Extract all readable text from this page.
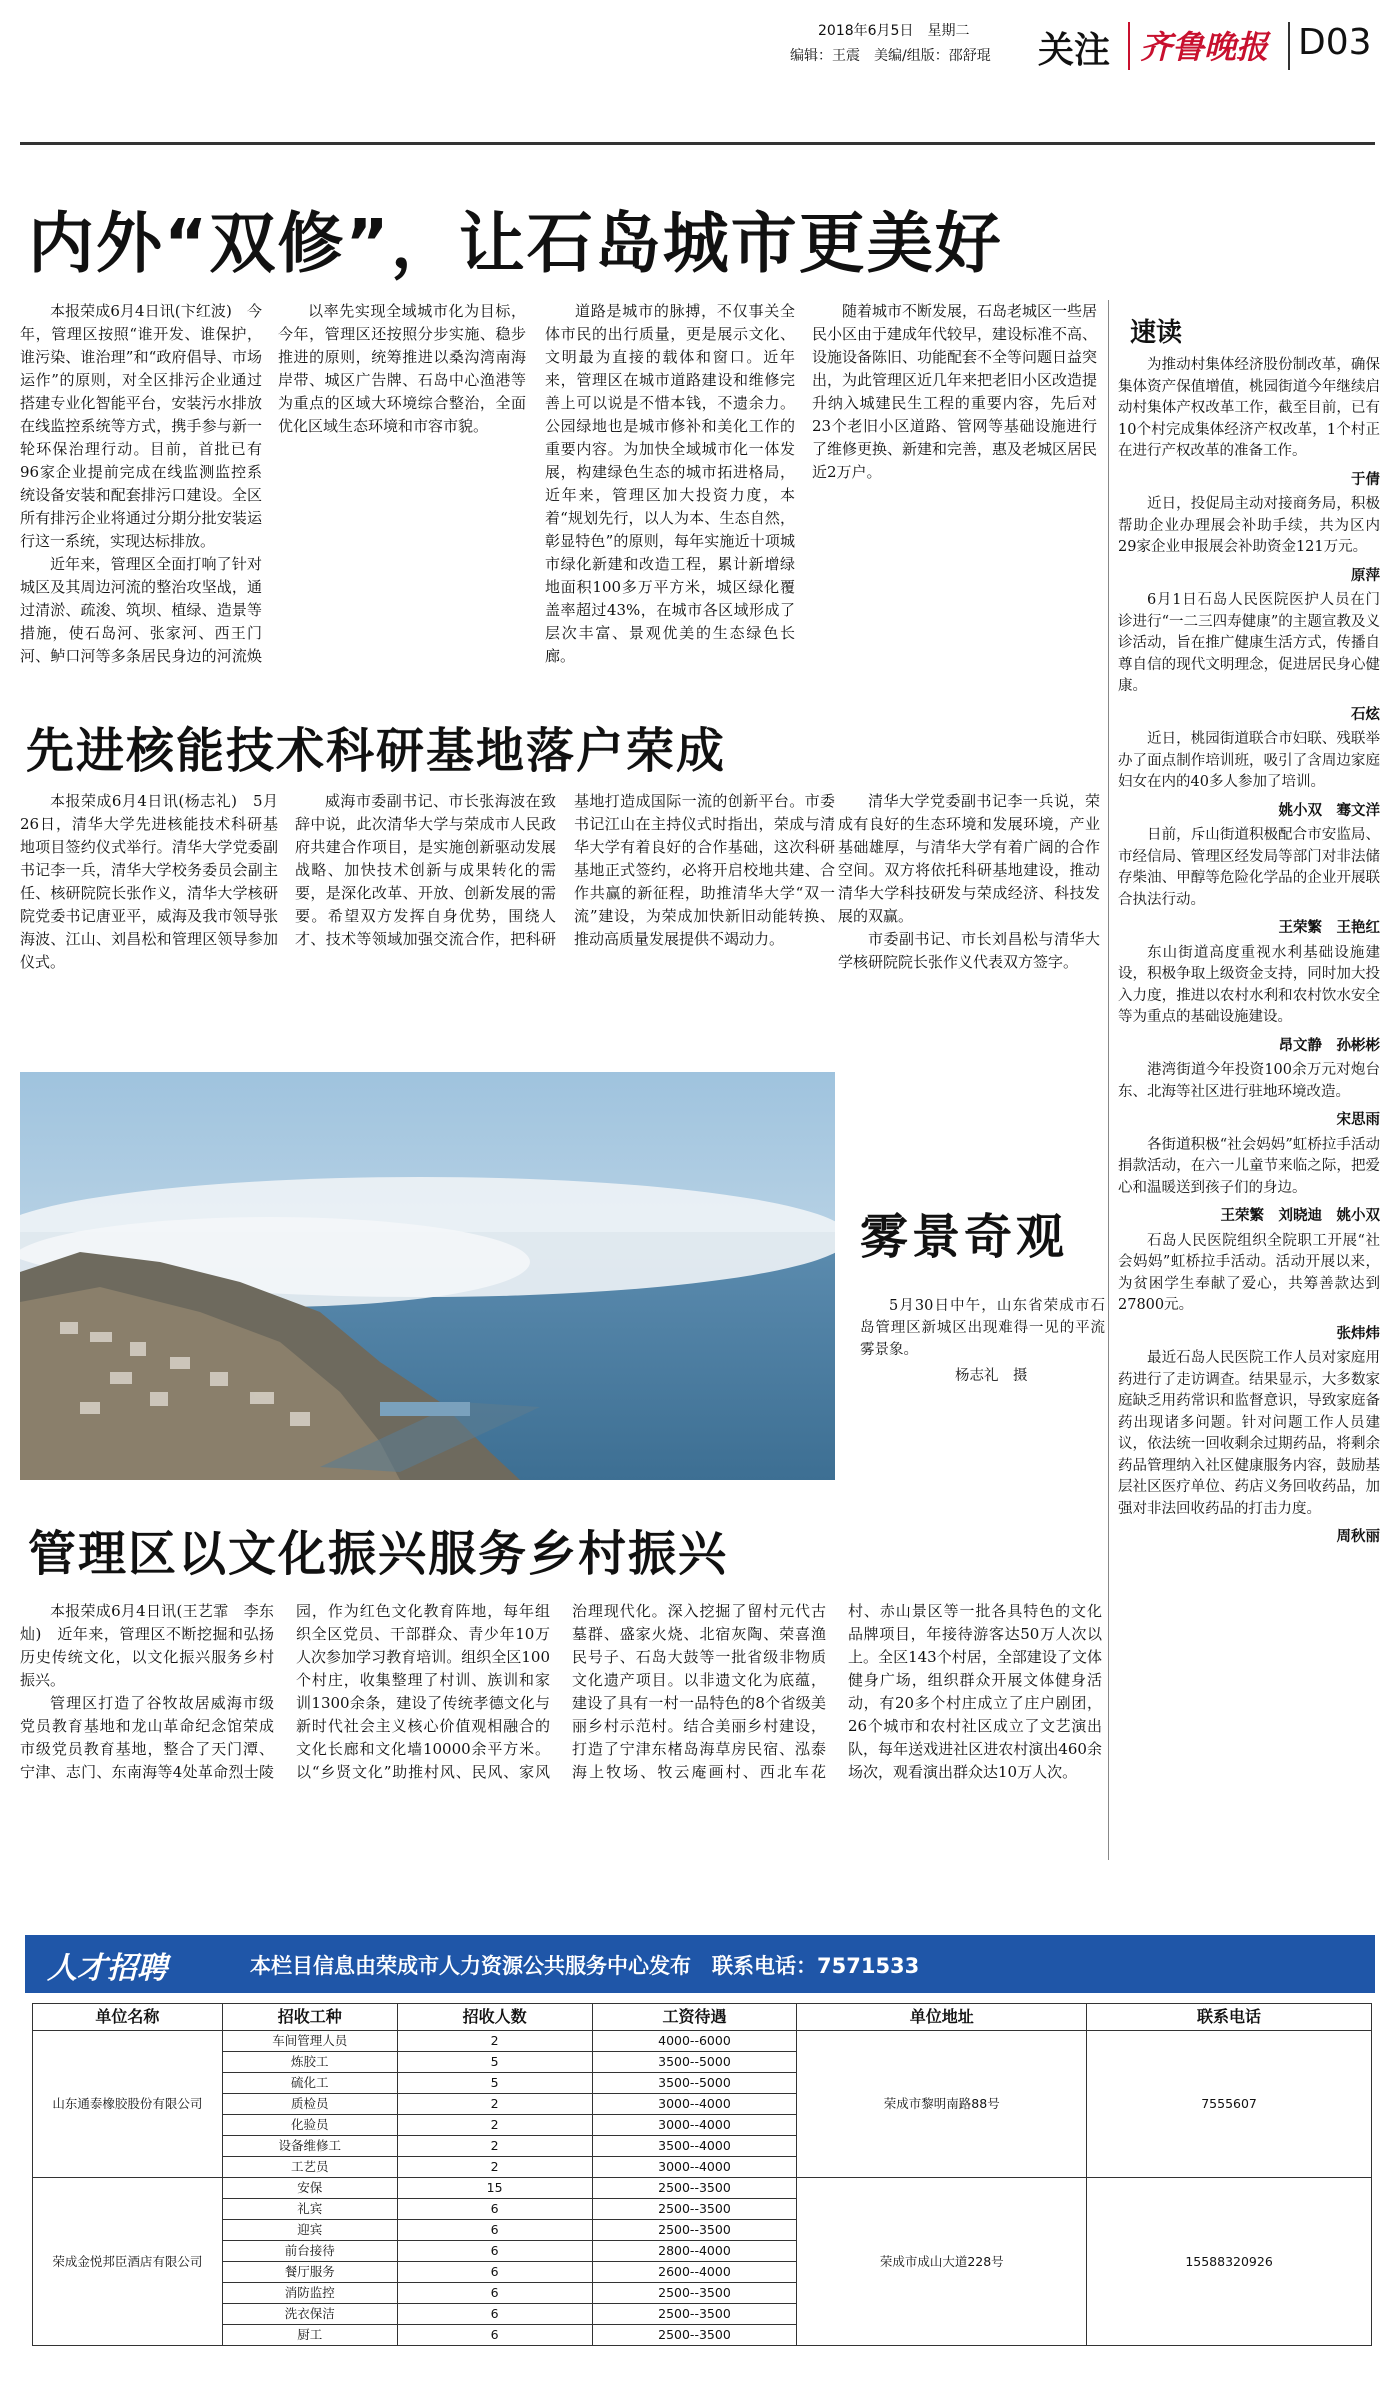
2018年6月5日　 星期二
编辑：王震　美编/组版：邵舒琨 关注 齐鲁晚报 D03
内外“双修”，让石岛城市更美好

本报荣成6月4日讯(卞红波)　今年，管理区按照“谁开发、谁保护，谁污染、谁治理”和“政府倡导、市场运作”的原则，对全区排污企业通过搭建专业化智能平台，安装污水排放在线监控系统等方式，携手参与新一轮环保治理行动。目前，首批已有96家企业提前完成在线监测监控系统设备安装和配套排污口建设。全区所有排污企业将通过分期分批安装运行这一系统，实现达标排放。

近年来，管理区全面打响了针对城区及其周边河流的整治攻坚战，通过清淤、疏浚、筑坝、植绿、造景等措施，使石岛河、张家河、西王门河、鲈口河等多条居民身边的河流焕

以率先实现全域城市化为目标，今年，管理区还按照分步实施、稳步推进的原则，统筹推进以桑沟湾南海岸带、城区广告牌、石岛中心渔港等为重点的区域大环境综合整治，全面优化区域生态环境和市容市貌。

道路是城市的脉搏，不仅事关全体市民的出行质量，更是展示文化、文明最为直接的载体和窗口。近年来，管理区在城市道路建设和维修完善上可以说是不惜本钱，不遗余力。公园绿地也是城市修补和美化工作的重要内容。为加快全域城市化一体发展，构建绿色生态的城市拓进格局，近年来，管理区加大投资力度，本着“规划先行，以人为本、生态自然，彰显特色”的原则，每年实施近十项城市绿化新建和改造工程，累计新增绿地面积100多万平方米，城区绿化覆盖率超过43%，在城市各区域形成了层次丰富、景观优美的生态绿色长廊。

随着城市不断发展，石岛老城区一些居民小区由于建成年代较早，建设标准不高、设施设备陈旧、功能配套不全等问题日益突出，为此管理区近几年来把老旧小区改造提升纳入城建民生工程的重要内容，先后对23个老旧小区道路、管网等基础设施进行了维修更换、新建和完善，惠及老城区居民近2万户。

先进核能技术科研基地落户荣成

本报荣成6月4日讯(杨志礼)　5月26日，清华大学先进核能技术科研基地项目签约仪式举行。清华大学党委副书记李一兵，清华大学校务委员会副主任、核研院院长张作义，清华大学核研院党委书记唐亚平，威海及我市领导张海波、江山、刘昌松和管理区领导参加仪式。

威海市委副书记、市长张海波在致辞中说，此次清华大学与荣成市人民政府共建合作项目，是实施创新驱动发展战略、加快技术创新与成果转化的需要，是深化改革、开放、创新发展的需要。希望双方发挥自身优势，围绕人才、技术等领域加强交流合作，把科研基地打造成国际一流的创新平台。市委书记江山在主持仪式时指出，荣成与清华大学有着良好的合作基础，这次科研基地正式签约，必将开启校地共建、合作共赢的新征程，助推清华大学“双一流”建设，为荣成加快新旧动能转换、推动高质量发展提供不竭动力。

清华大学党委副书记李一兵说，荣成有良好的生态环境和发展环境，产业基础雄厚，与清华大学有着广阔的合作空间。双方将依托科研基地建设，推动清华大学科技研发与荣成经济、科技发展的双赢。

市委副书记、市长刘昌松与清华大学核研院院长张作义代表双方签字。

雾景奇观

5月30日中午，山东省荣成市石岛管理区新城区出现难得一见的平流雾景象。

杨志礼　摄
管理区以文化振兴服务乡村振兴

本报荣成6月4日讯(王艺霏　李东灿)　近年来，管理区不断挖掘和弘扬历史传统文化，以文化振兴服务乡村振兴。

管理区打造了谷牧故居威海市级党员教育基地和龙山革命纪念馆荣成市级党员教育基地，整合了天门潭、宁津、志门、东南海等4处革命烈士陵园，作为红色文化教育阵地，每年组织全区党员、干部群众、青少年10万人次参加学习教育培训。组织全区100个村庄，收集整理了村训、族训和家训1300余条，建设了传统孝德文化与新时代社会主义核心价值观相融合的文化长廊和文化墙10000余平方米。以“乡贤文化”助推村风、民风、家风治理现代化。深入挖掘了留村元代古墓群、盛家火烧、北宿灰陶、荣喜渔民号子、石岛大鼓等一批省级非物质文化遗产项目。以非遗文化为底蕴，建设了具有一村一品特色的8个省级美丽乡村示范村。结合美丽乡村建设，打造了宁津东楮岛海草房民宿、泓泰海上牧场、牧云庵画村、西北车花村、赤山景区等一批各具特色的文化品牌项目，年接待游客达50万人次以上。全区143个村居，全部建设了文体健身广场，组织群众开展文体健身活动，有20多个村庄成立了庄户剧团，26个城市和农村社区成立了文艺演出队，每年送戏进社区进农村演出460余场次，观看演出群众达10万人次。

速读
为推动村集体经济股份制改革，确保集体资产保值增值，桃园街道今年继续启动村集体产权改革工作，截至目前，已有10个村完成集体经济产权改革，1个村正在进行产权改革的准备工作。
于倩
近日，投促局主动对接商务局，积极帮助企业办理展会补助手续，共为区内29家企业申报展会补助资金121万元。
原萍
6月1日石岛人民医院医护人员在门诊进行“一二三四寿健康”的主题宣教及义诊活动，旨在推广健康生活方式，传播自尊自信的现代文明理念，促进居民身心健康。
石炫
近日，桃园街道联合市妇联、残联举办了面点制作培训班，吸引了含周边家庭妇女在内的40多人参加了培训。
姚小双　骞文洋
日前，斥山街道积极配合市安监局、市经信局、管理区经发局等部门对非法储存柴油、甲醇等危险化学品的企业开展联合执法行动。
王荣繁　王艳红
东山街道高度重视水利基础设施建设，积极争取上级资金支持，同时加大投入力度，推进以农村水利和农村饮水安全等为重点的基础设施建设。
昂文静　孙彬彬
港湾街道今年投资100余万元对炮台东、北海等社区进行驻地环境改造。
宋思雨
各街道积极“社会妈妈”虹桥拉手活动捐款活动，在六一儿童节来临之际，把爱心和温暖送到孩子们的身边。
王荣繁　刘晓迪　姚小双
石岛人民医院组织全院职工开展“社会妈妈”虹桥拉手活动。活动开展以来，为贫困学生奉献了爱心，共筹善款达到27800元。
张炜炜
最近石岛人民医院工作人员对家庭用药进行了走访调查。结果显示，大多数家庭缺乏用药常识和监督意识，导致家庭备药出现诸多问题。针对问题工作人员建议，依法统一回收剩余过期药品，将剩余药品管理纳入社区健康服务内容，鼓励基层社区医疗单位、药店义务回收药品，加强对非法回收药品的打击力度。
周秋丽
人才招聘	本栏目信息由荣成市人力资源公共服务中心发布　联系电话：7571533
单位名称	招收工种	招收人数	工资待遇	单位地址	联系电话
山东通泰橡胶股份有限公司	车间管理人员	2	4000--6000	荣成市黎明南路88号	7555607
	炼胶工	5	3500--5000		
	硫化工	5	3500--5000		
	质检员	2	3000--4000		
	化验员	2	3000--4000		
	设备维修工	2	3500--4000		
	工艺员	2	3000--4000		
荣成金悦邦臣酒店有限公司	安保	15	2500--3500	荣成市成山大道228号	15588320926
	礼宾	6	2500--3500		
	迎宾	6	2500--3500		
	前台接待	6	2800--4000		
	餐厅服务	6	2600--4000		
	消防监控	6	2500--3500		
	洗衣保洁	6	2500--3500		
	厨工	6	2500--3500		
